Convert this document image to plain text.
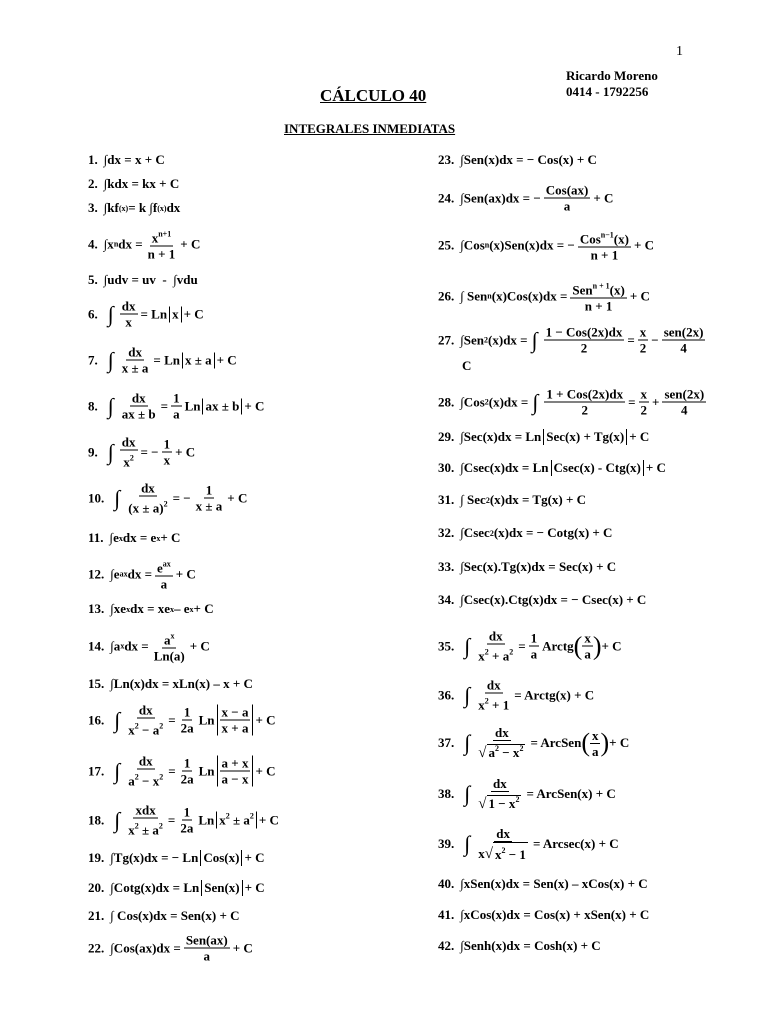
1
Ricardo Moreno
0414 - 1792256
CÁLCULO 40
INTEGRALES INMEDIATAS
1. ∫dx = x + C
2. ∫kdx = kx + C
3. ∫kf (x) = k ∫f (x) dx
4. ∫x n dx = $\frac{x^{n+1}}{n + 1} + C$
5. ∫udv = uv  -  ∫vdu
6. ∫ $\frac{dx}{x} = Ln$ x + C
7. ∫ $\frac{dx}{x \pm a} = Ln$ x ± a + C
8. ∫ $\frac{dx}{ax \pm b} = \frac{1}{a}$ Ln ax ± b + C
9. ∫ $\frac{dx}{x^2}$ = − $\frac{1}{x} + C$
10. ∫ $\frac{dx}{(x \pm a)^2}$ = − $\frac{1}{x \pm a} + C$
11. ∫e x dx = e x + C
12. ∫e ax dx = $\frac{e^{ax}}{a} + C$
13. ∫xe x dx = xe x – e x + C
14. ∫a x dx = $\frac{a^x}{Ln(a)} + C$
15. ∫Ln(x)dx = xLn(x) – x + C
16. ∫ $\frac{dx}{x^2 - a^2} = \frac{1}{2a}$ Ln $\frac{x - a}{x + a} + C$
17. ∫ $\frac{dx}{a^2 - x^2} = \frac{1}{2a}$ Ln $\frac{a + x}{a - x} + C$
18. ∫ $\frac{\text{xdx}}{x^2 \pm a^2} = \frac{1}{2a}$ Ln $x^2 \pm a^2 + C$
19. ∫Tg(x)dx = − Ln Cos(x) + C
20. ∫Cotg(x)dx = Ln Sen(x) + C
21. ∫ Cos(x)dx = Sen(x) + C
22. $\int Cos(ax)dx = \frac{\text{Sen(ax)}}{a} + C$
23. ∫Sen(x)dx = − Cos(x) + C
24. ∫Sen(ax)dx = − $\frac{\text{Cos(ax)}}{a} + C$
25. ∫Cos n (x)Sen(x)dx = − $\frac{Cos^{n-1}(x)}{n + 1} + C$
26. ∫ Sen n $(x)Cos(x)dx = \frac{Sen^{n + 1}(x)}{n + 1} + C$
27. ∫Sen 2 (x)dx = ∫ $\frac{\text{1 − Cos(2x)dx}}{2} = \frac{x}{2} - \frac{\text{sen(2x)}}{4}$
C
28. ∫Cos 2 (x)dx = ∫ $\frac{\text{1 + Cos(2x)dx}}{2} = \frac{x}{2} + \frac{\text{sen(2x)}}{4}$
29. ∫Sec(x)dx = Ln Sec(x) + Tg(x) + C
30. ∫Csec(x)dx = Ln Csec(x) - Ctg(x) + C
31. ∫ Sec 2 (x)dx = Tg(x) + C
32. ∫Csec 2 (x)dx = − Cotg(x) + C
33. ∫Sec(x).Tg(x)dx = Sec(x) + C
34. ∫Csec(x).Ctg(x)dx = − Csec(x) + C
35. ∫ $\frac{dx}{x^2 + a^2} = \frac{1}{a}$ Arctg ( $\frac{x}{a}$ ) + C
36. ∫ $\frac{dx}{x^2 + 1}$ = Arctg(x) + C
37. ∫ $\frac{dx}{√ a^2 - x^2}$ = ArcSen ( $\frac{x}{a}$ ) + C
38. ∫ $\frac{dx}{√ 1 - x^2}$ = ArcSen(x) + C
39. ∫ $\frac{dx}{x √ x^2 - 1} = Arcsec(x) + C$
40. ∫xSen(x)dx = Sen(x) – xCos(x) + C
41. ∫xCos(x)dx = Cos(x) + xSen(x) + C
42. ∫Senh(x)dx = Cosh(x) + C
